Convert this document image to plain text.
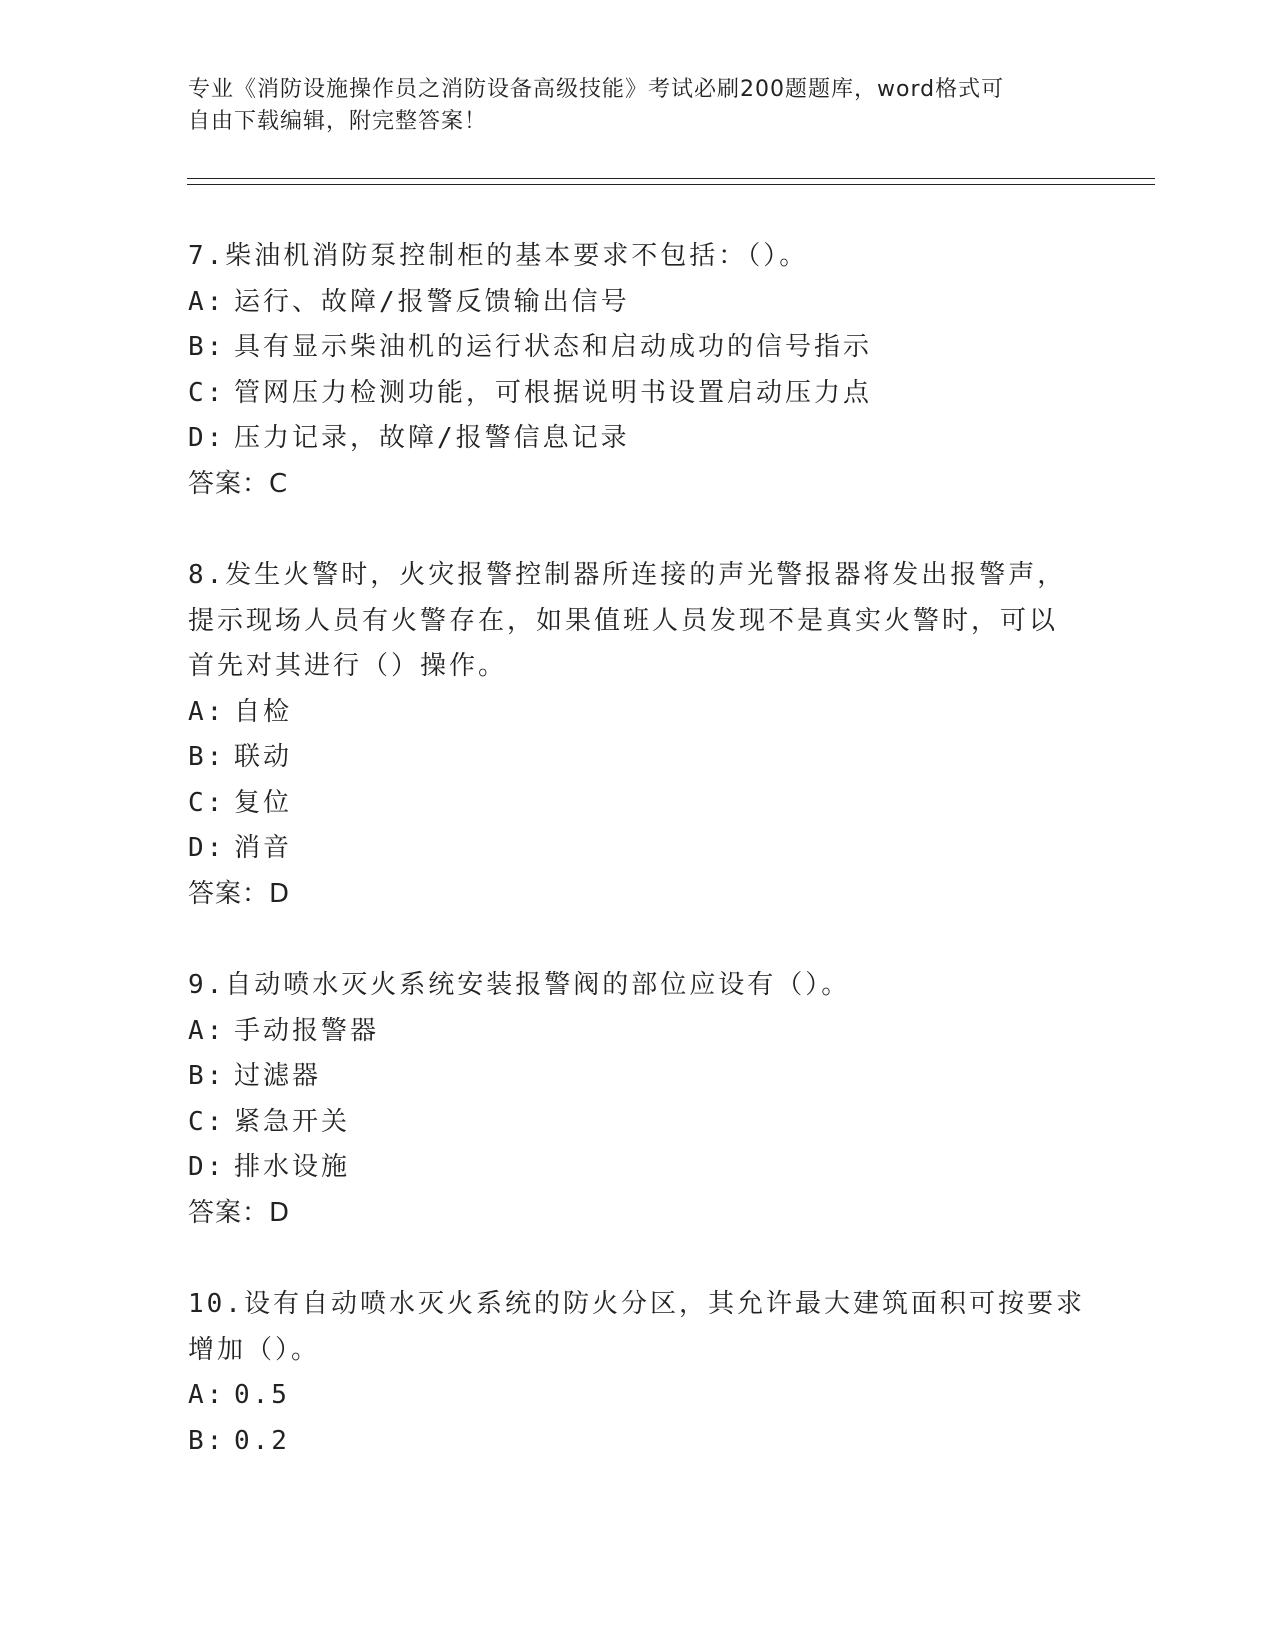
专业《消防设施操作员之消防设备高级技能》考试必刷200题题库，word格式可
自由下载编辑，附完整答案！
7.柴油机消防泵控制柜的基本要求不包括：（）。
A: 运行、故障/报警反馈输出信号
B: 具有显示柴油机的运行状态和启动成功的信号指示
C: 管网压力检测功能，可根据说明书设置启动压力点
D: 压力记录，故障/报警信息记录
答案：C
8.发生火警时，火灾报警控制器所连接的声光警报器将发出报警声，
提示现场人员有火警存在，如果值班人员发现不是真实火警时，可以
首先对其进行（）操作。
A: 自检
B: 联动
C: 复位
D: 消音
答案：D
9.自动喷水灭火系统安装报警阀的部位应设有（）。
A: 手动报警器
B: 过滤器
C: 紧急开关
D: 排水设施
答案：D
10.设有自动喷水灭火系统的防火分区，其允许最大建筑面积可按要求
增加（）。
A: 0.5
B: 0.2
